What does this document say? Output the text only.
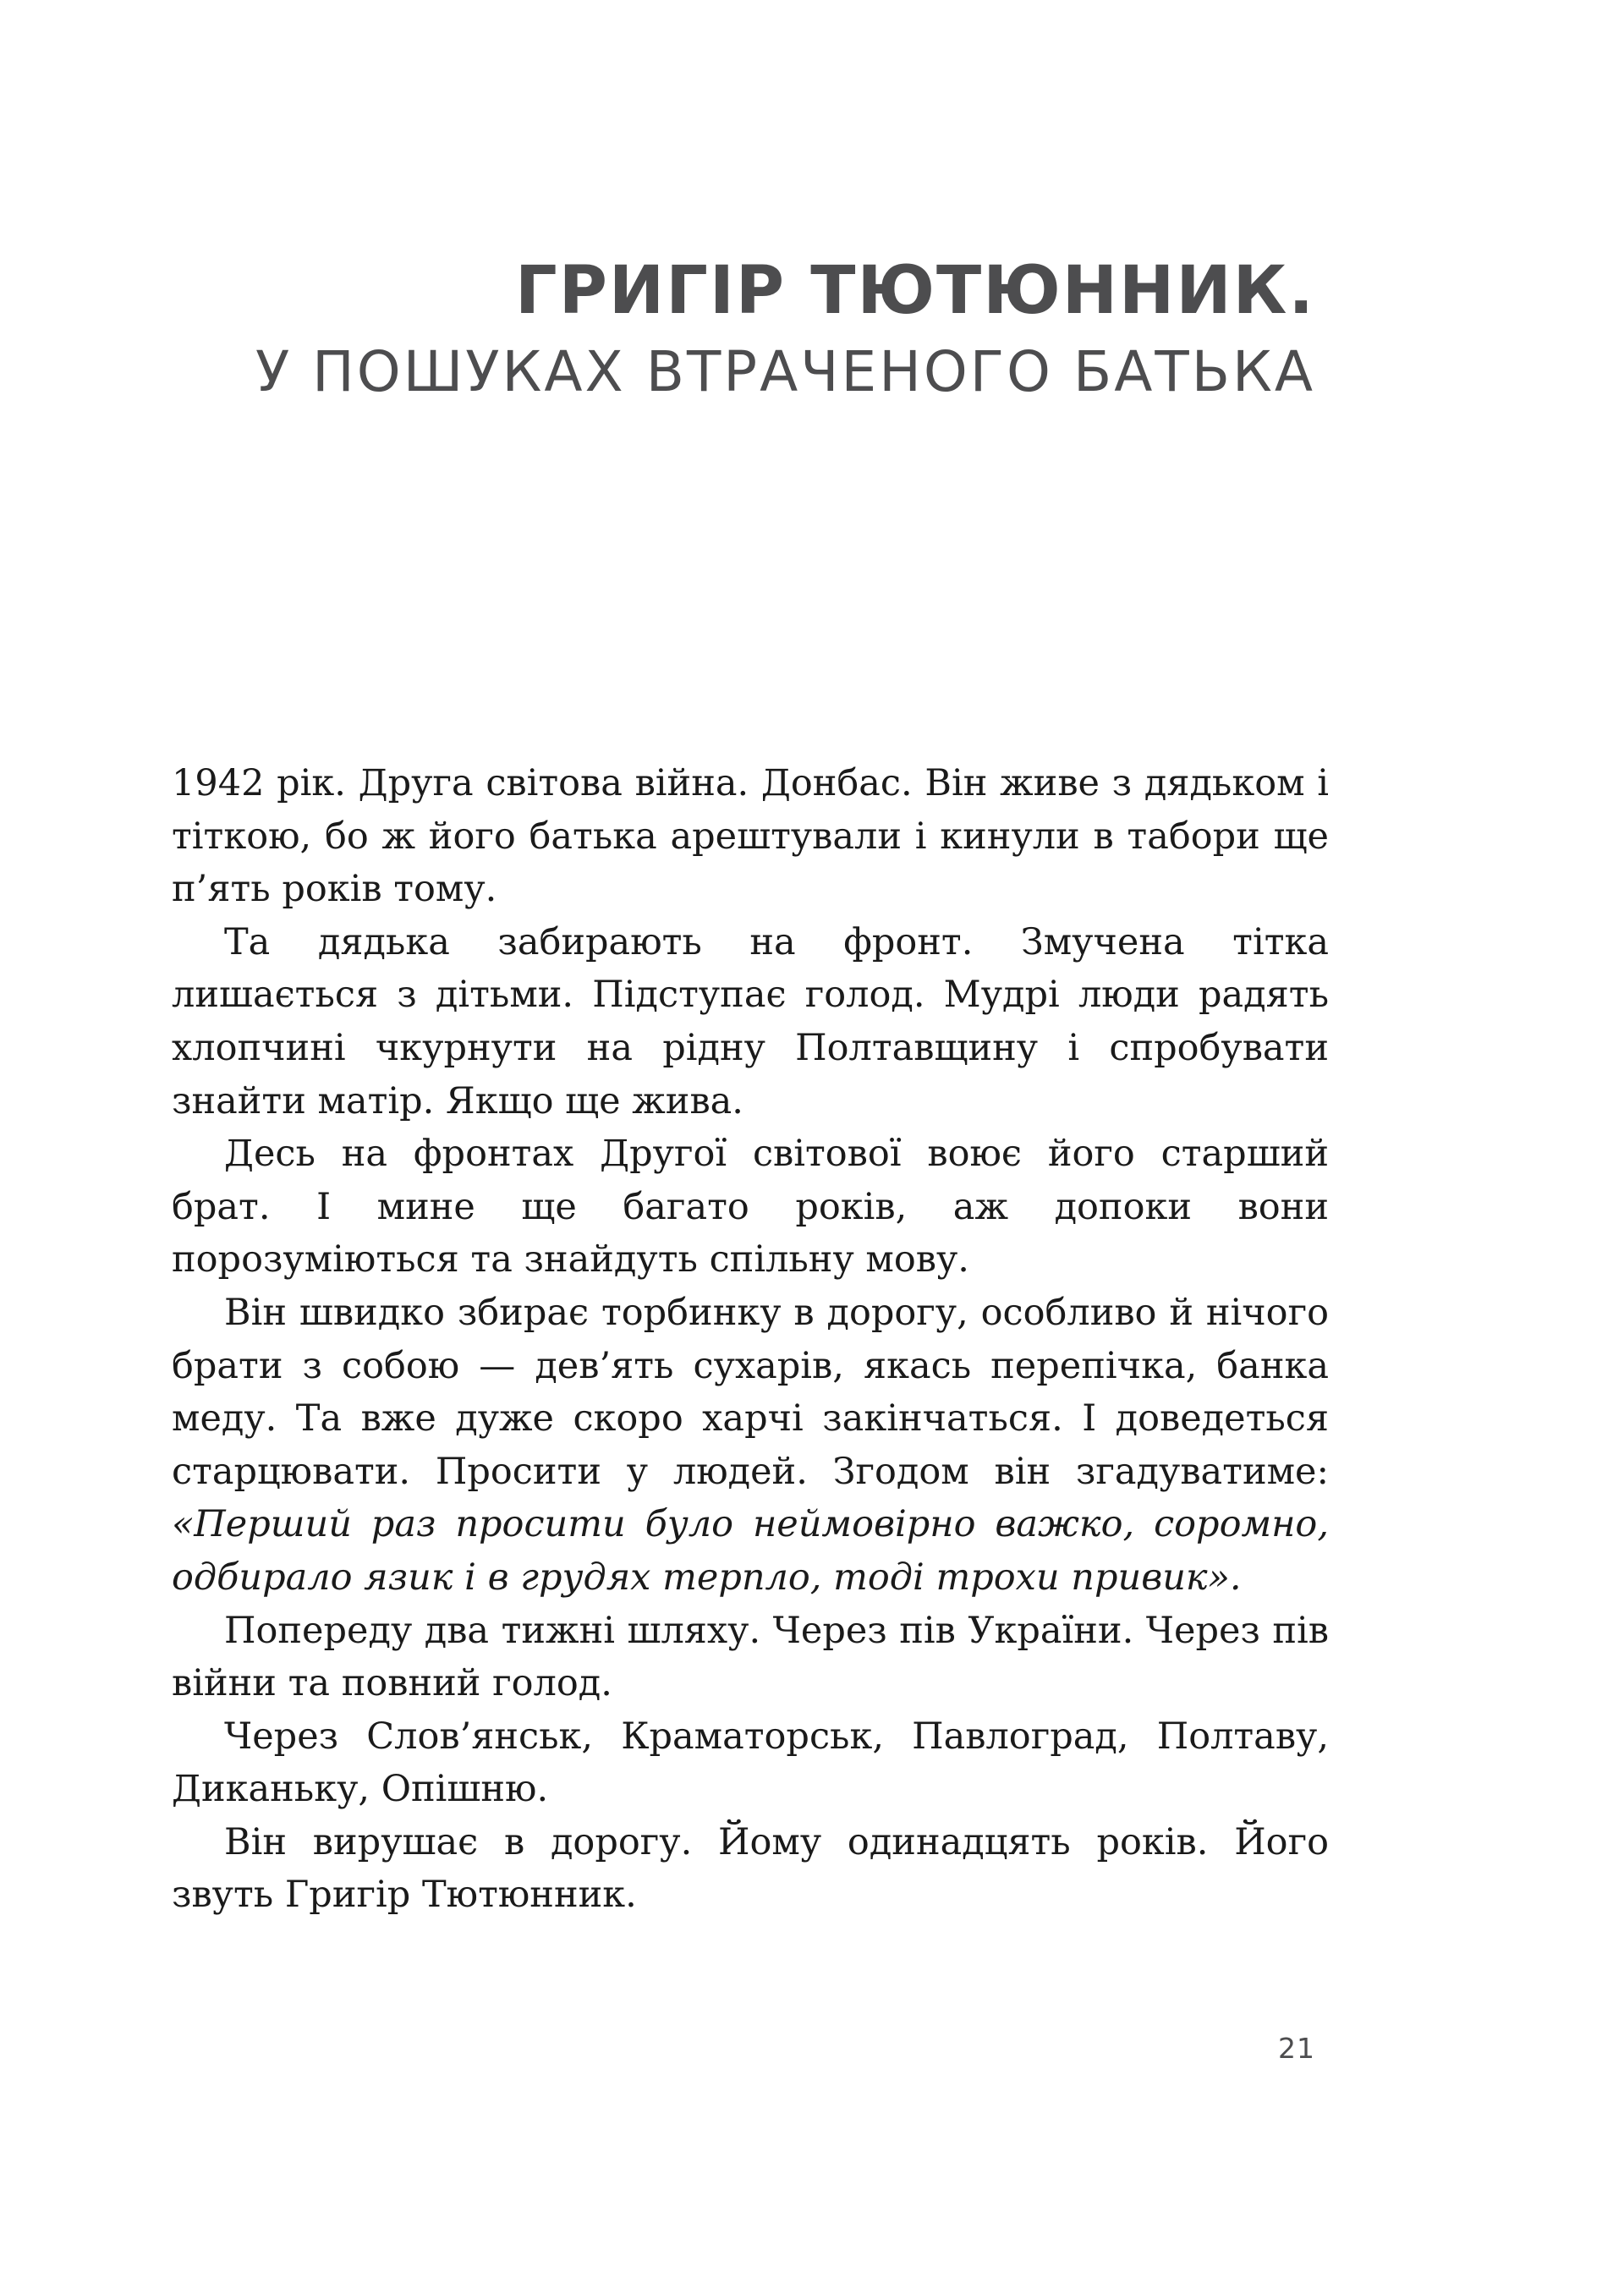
ГРИГІР ТЮТЮННИК.
У ПОШУКАХ ВТРАЧЕНОГО БАТЬКА

1942 рік. Друга світова війна. Донбас. Він живе з дядьком і тіткою, бо ж його батька арештували і кинули в табори ще п’ять років тому.

Та дядька забирають на фронт. Змучена тітка лишається з дітьми. Підступає голод. Мудрі люди радять хлопчині чкурнути на рідну Полтавщину і спробувати знайти матір. Якщо ще жива.

Десь на фронтах Другої світової воює його старший брат. І мине ще багато років, аж допоки вони порозуміються та знайдуть спільну мову.

Він швидко збирає торбинку в дорогу, особливо й нічого брати з собою — дев’ять сухарів, якась перепічка, банка меду. Та вже дуже скоро харчі закінчаться. І доведеться старцювати. Просити у людей. Згодом він згадуватиме: «Перший раз просити було неймовірно важко, соромно, одбирало язик і в грудях терпло, тоді трохи привик».

Попереду два тижні шляху. Через пів України. Через пів війни та повний голод.

Через Слов’янськ, Краматорськ, Павлоград, Полтаву, Диканьку, Опішню.

Він вирушає в дорогу. Йому одинадцять років. Його звуть Григір Тютюнник.

21
